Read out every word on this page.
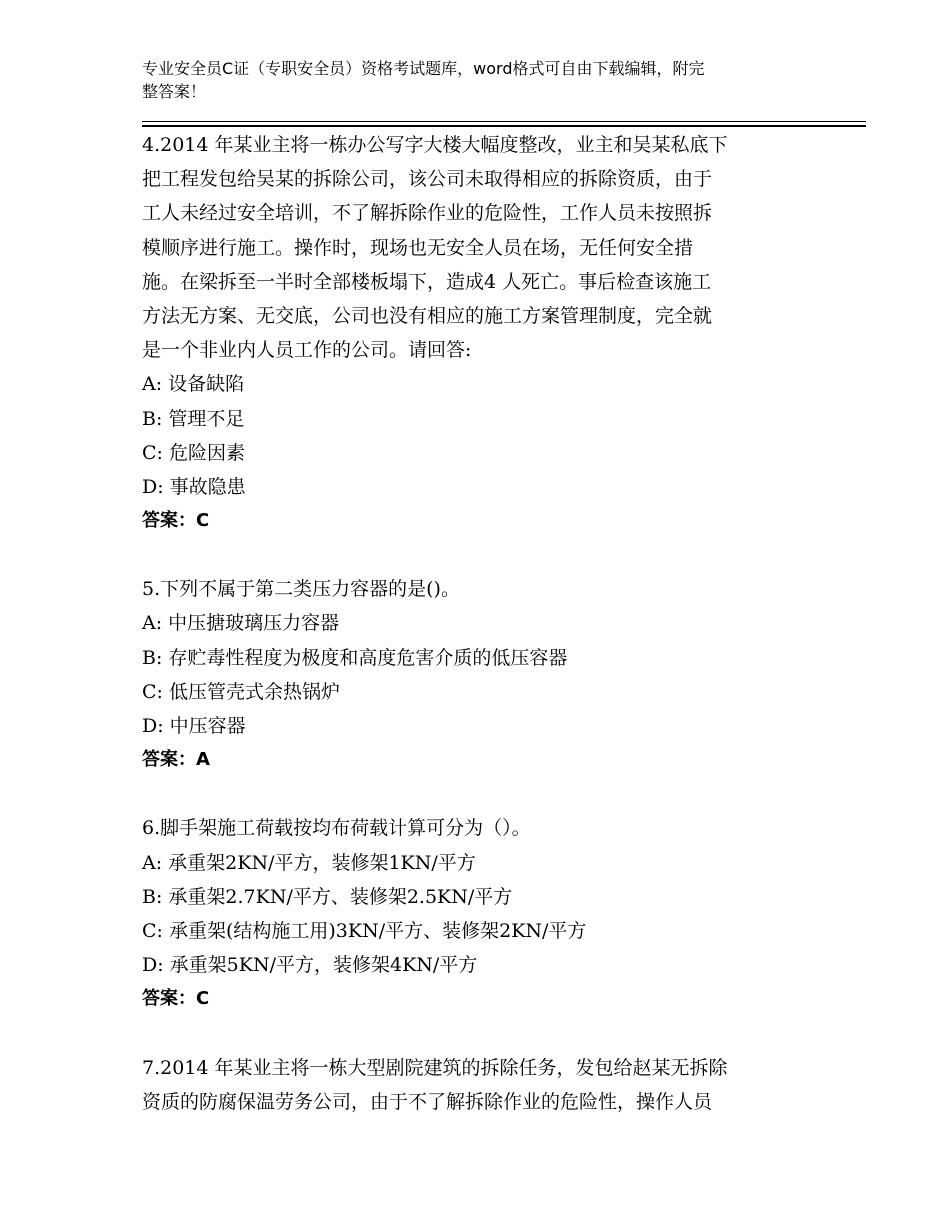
专业安全员C证（专职安全员）资格考试题库，word格式可自由下载编辑，附完
整答案！
4.2014 年某业主将一栋办公写字大楼大幅度整改，业主和吴某私底下
把工程发包给吴某的拆除公司，该公司未取得相应的拆除资质，由于
工人未经过安全培训，不了解拆除作业的危险性，工作人员未按照拆
模顺序进行施工。操作时，现场也无安全人员在场，无任何安全措
施。在梁拆至一半时全部楼板塌下，造成4 人死亡。事后检查该施工
方法无方案、无交底，公司也没有相应的施工方案管理制度，完全就
是一个非业内人员工作的公司。请回答:
A: 设备缺陷
B: 管理不足
C: 危险因素
D: 事故隐患
答案：C
5.下列不属于第二类压力容器的是()。
A: 中压搪玻璃压力容器
B: 存贮毒性程度为极度和高度危害介质的低压容器
C: 低压管壳式余热锅炉
D: 中压容器
答案：A
6.脚手架施工荷载按均布荷载计算可分为（）。
A: 承重架2KN/平方，装修架1KN/平方
B: 承重架2.7KN/平方、装修架2.5KN/平方
C: 承重架(结构施工用)3KN/平方、装修架2KN/平方
D: 承重架5KN/平方，装修架4KN/平方
答案：C
7.2014 年某业主将一栋大型剧院建筑的拆除任务，发包给赵某无拆除
资质的防腐保温劳务公司，由于不了解拆除作业的危险性，操作人员
